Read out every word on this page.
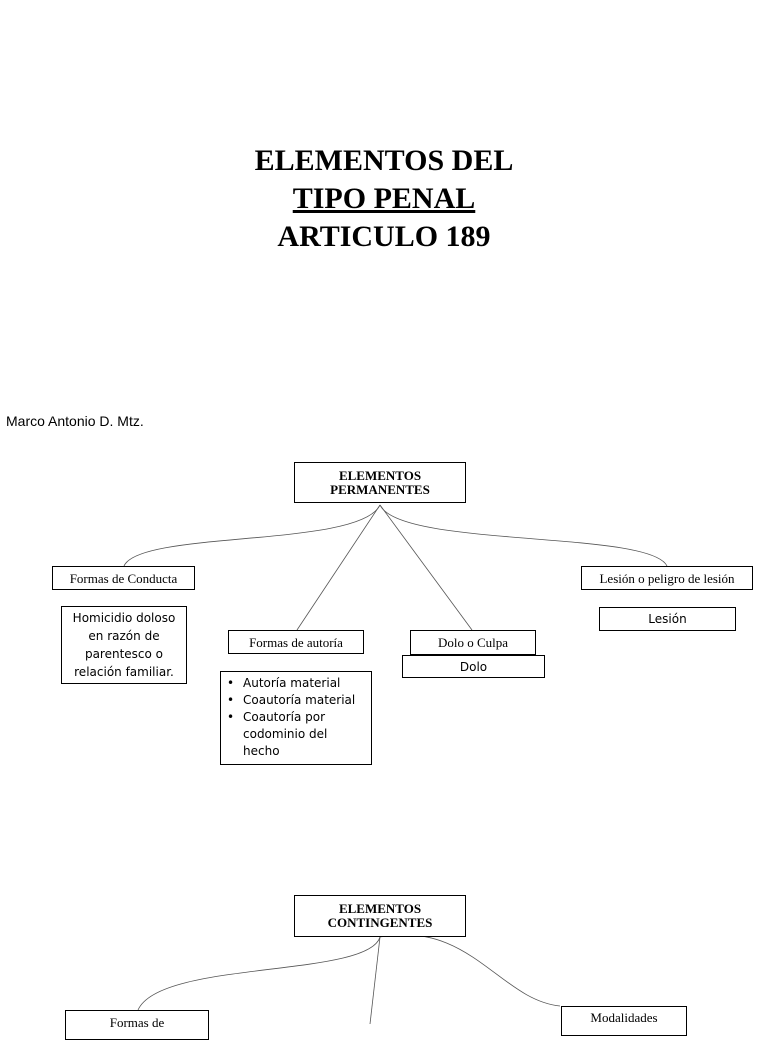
ELEMENTOS DEL
TIPO PENAL
ARTICULO 189
Marco Antonio D. Mtz.
ELEMENTOS
PERMANENTES
Formas de Conducta
Homicidio doloso en razón de parentesco o relación familiar.
Formas de autoría
• Autoría material
• Coautoría material
• Coautoría por codominio del hecho
Dolo o Culpa
Dolo
Lesión o peligro de lesión
Lesión
ELEMENTOS
CONTINGENTES
Formas de	Modalidades
